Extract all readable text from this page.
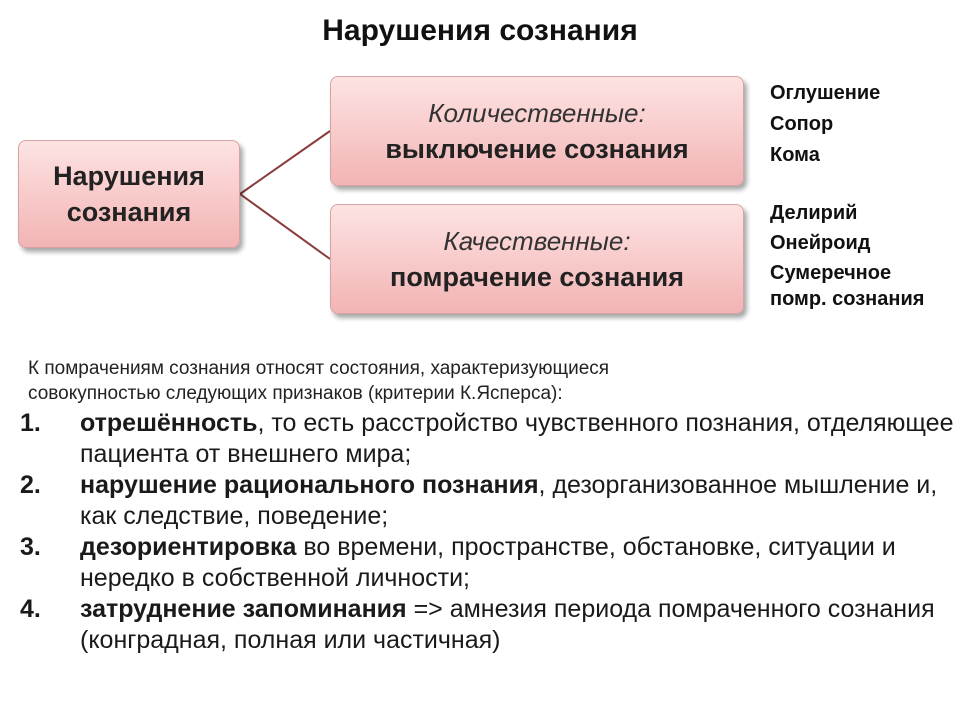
Нарушения сознания
Нарушения
сознания
Количественные:
выключение сознания
Качественные:
помрачение сознания
Оглушение
Сопор
Кома
Делирий
Онейроид
Сумеречное
помр. сознания
К помрачениям сознания относят состояния, характеризующиеся
совокупностью следующих признаков (критерии К.Ясперса):
1.	отрешённость, то есть расстройство чувственного познания, отделяющее пациента от внешнего мира;
2.	нарушение рационального познания, дезорганизованное мышление и, как следствие, поведение;
3.	дезориентировка во времени, пространстве, обстановке, ситуации и нередко в собственной личности;
4.	затруднение запоминания => амнезия периода помраченного сознания (конградная, полная или частичная)
